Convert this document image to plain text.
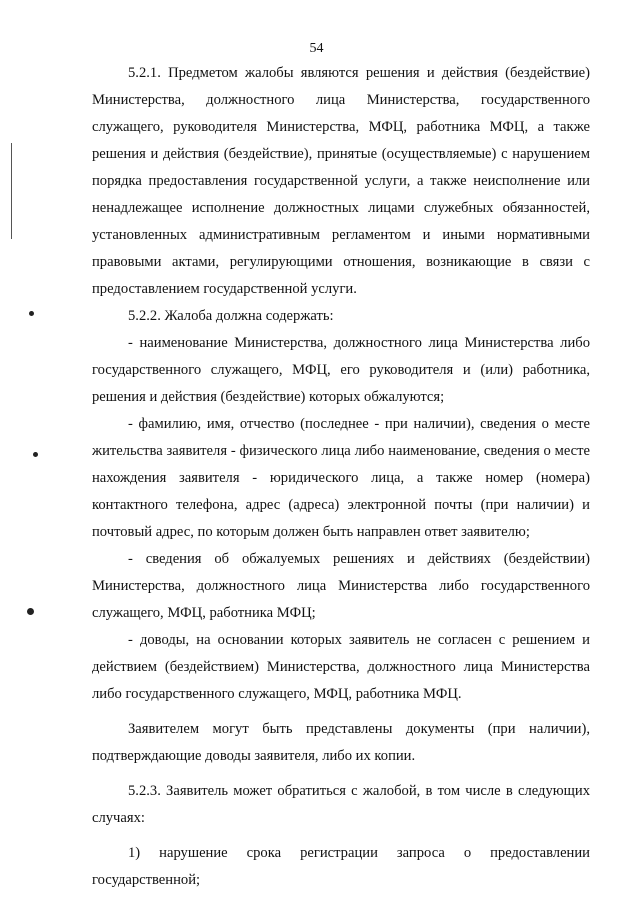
54

5.2.1. Предметом жалобы являются решения и действия (бездействие) Министерства, должностного лица Министерства, государственного служащего, руководителя Министерства, МФЦ, работника МФЦ, а также решения и действия (бездействие), принятые (осуществляемые) с нарушением порядка предоставления государственной услуги, а также неисполнение или ненадлежащее исполнение должностных лицами служебных обязанностей, установленных административным регламентом и иными нормативными правовыми актами, регулирующими отношения, возникающие в связи с предоставлением государственной услуги.

5.2.2. Жалоба должна содержать:

- наименование Министерства, должностного лица Министерства либо государственного служащего, МФЦ, его руководителя и (или) работника, решения и действия (бездействие) которых обжалуются;

- фамилию, имя, отчество (последнее - при наличии), сведения о месте жительства заявителя - физического лица либо наименование, сведения о месте нахождения заявителя - юридического лица, а также номер (номера) контактного телефона, адрес (адреса) электронной почты (при наличии) и почтовый адрес, по которым должен быть направлен ответ заявителю;

- сведения об обжалуемых решениях и действиях (бездействии) Министерства, должностного лица Министерства либо государственного служащего, МФЦ, работника МФЦ;

- доводы, на основании которых заявитель не согласен с решением и действием (бездействием) Министерства, должностного лица Министерства либо государственного служащего, МФЦ, работника МФЦ.

Заявителем могут быть представлены документы (при наличии), подтверждающие доводы заявителя, либо их копии.

5.2.3. Заявитель может обратиться с жалобой, в том числе в следующих случаях:

1) нарушение срока регистрации запроса о предоставлении государственной;
